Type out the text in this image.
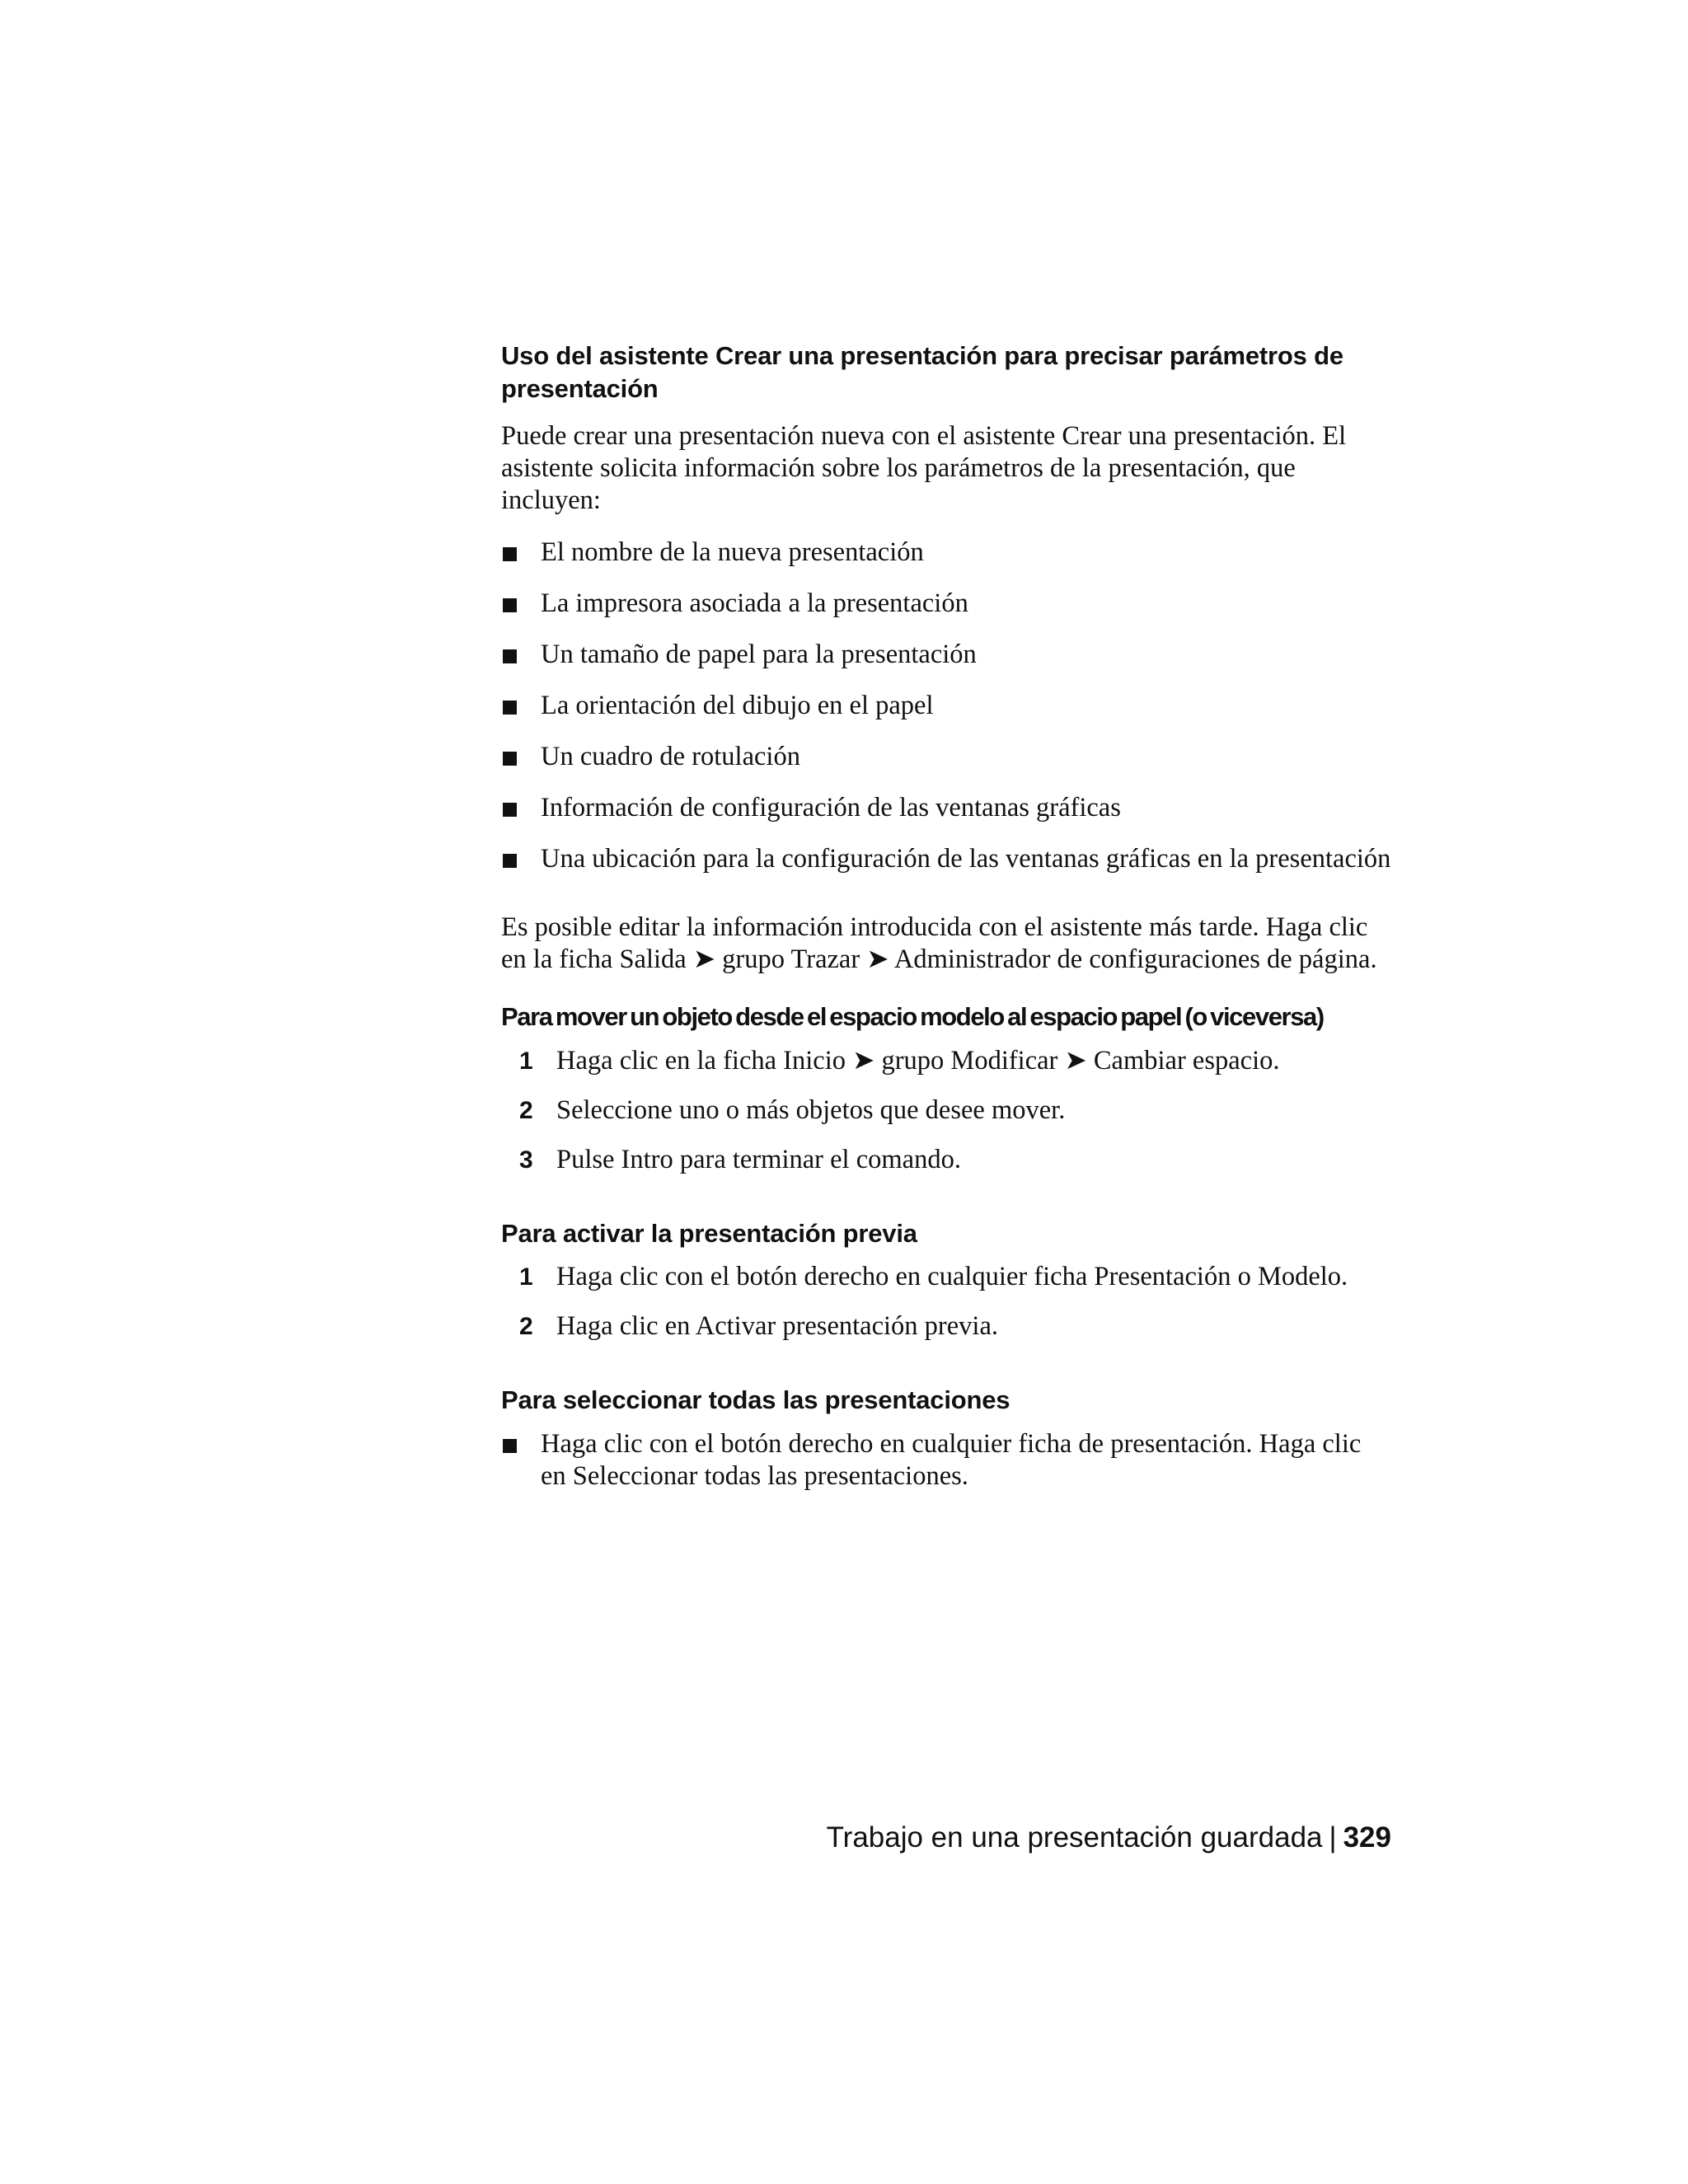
Uso del asistente Crear una presentación para precisar parámetros de presentación

Puede crear una presentación nueva con el asistente Crear una presentación. El asistente solicita información sobre los parámetros de la presentación, que incluyen:

El nombre de la nueva presentación
La impresora asociada a la presentación
Un tamaño de papel para la presentación
La orientación del dibujo en el papel
Un cuadro de rotulación
Información de configuración de las ventanas gráficas
Una ubicación para la configuración de las ventanas gráficas en la presentación

Es posible editar la información introducida con el asistente más tarde. Haga clic en la ficha Salida ➤ grupo Trazar ➤ Administrador de configuraciones de página.

Para mover un objeto desde el espacio modelo al espacio papel (o viceversa)
1 Haga clic en la ficha Inicio ➤ grupo Modificar ➤ Cambiar espacio.
2 Seleccione uno o más objetos que desee mover.
3 Pulse Intro para terminar el comando.
Para activar la presentación previa
1 Haga clic con el botón derecho en cualquier ficha Presentación o Modelo.
2 Haga clic en Activar presentación previa.
Para seleccionar todas las presentaciones
Haga clic con el botón derecho en cualquier ficha de presentación. Haga clic en Seleccionar todas las presentaciones.
Trabajo en una presentación guardada | 329
